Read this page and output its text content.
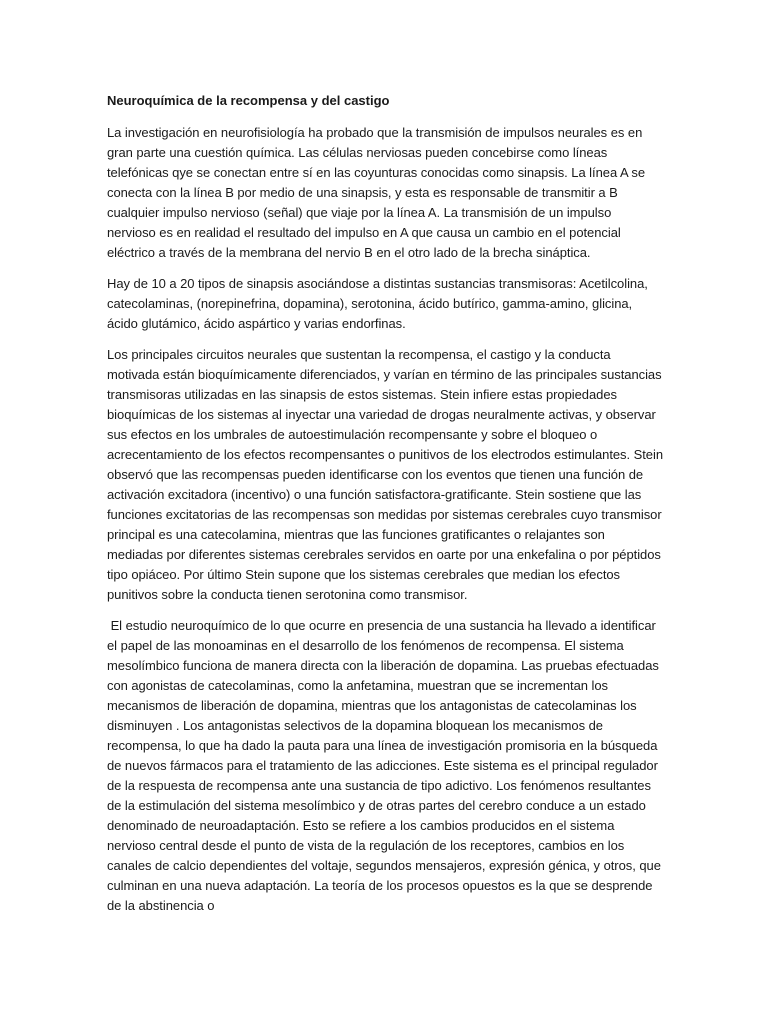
Neuroquímica de la recompensa y del castigo

La investigación en neurofisiología ha probado que la transmisión de impulsos neurales es en gran parte una cuestión química. Las células nerviosas pueden concebirse como líneas telefónicas qye se conectan entre sí en las coyunturas conocidas como sinapsis. La línea A se conecta con la línea B por medio de una sinapsis, y esta es responsable de transmitir a B cualquier impulso nervioso (señal) que viaje por la línea A. La transmisión de un impulso nervioso es en realidad el resultado del impulso en A que causa un cambio en el potencial eléctrico a través de la membrana del nervio B en el otro lado de la brecha sináptica.

Hay de 10 a 20 tipos de sinapsis asociándose a distintas sustancias transmisoras: Acetilcolina, catecolaminas, (norepinefrina, dopamina), serotonina, ácido butírico, gamma-amino, glicina, ácido glutámico, ácido aspártico y varias endorfinas.

Los principales circuitos neurales que sustentan la recompensa, el castigo y la conducta motivada están bioquímicamente diferenciados, y varían en término de las principales sustancias transmisoras utilizadas en las sinapsis de estos sistemas. Stein infiere estas propiedades bioquímicas de los sistemas al inyectar una variedad de drogas neuralmente activas, y observar sus efectos en los umbrales de autoestimulación recompensante y sobre el bloqueo o acrecentamiento de los efectos recompensantes o punitivos de los electrodos estimulantes. Stein observó que las recompensas pueden identificarse con los eventos que tienen una función de activación excitadora (incentivo) o una función satisfactora-gratificante. Stein sostiene que las funciones excitatorias de las recompensas son medidas por sistemas cerebrales cuyo transmisor principal es una catecolamina, mientras que las funciones gratificantes o relajantes son mediadas por diferentes sistemas cerebrales servidos en oarte por una enkefalina o por péptidos tipo opiáceo. Por último Stein supone que los sistemas cerebrales que median los efectos punitivos sobre la conducta tienen serotonina como transmisor.

El estudio neuroquímico de lo que ocurre en presencia de una sustancia ha llevado a identificar el papel de las monoaminas en el desarrollo de los fenómenos de recompensa. El sistema mesolímbico funciona de manera directa con la liberación de dopamina. Las pruebas efectuadas con agonistas de catecolaminas, como la anfetamina, muestran que se incrementan los mecanismos de liberación de dopamina, mientras que los antagonistas de catecolaminas los disminuyen . Los antagonistas selectivos de la dopamina bloquean los mecanismos de recompensa, lo que ha dado la pauta para una línea de investigación promisoria en la búsqueda de nuevos fármacos para el tratamiento de las adicciones. Este sistema es el principal regulador de la respuesta de recompensa ante una sustancia de tipo adictivo. Los fenómenos resultantes de la estimulación del sistema mesolímbico y de otras partes del cerebro conduce a un estado denominado de neuroadaptación. Esto se refiere a los cambios producidos en el sistema nervioso central desde el punto de vista de la regulación de los receptores, cambios en los canales de calcio dependientes del voltaje, segundos mensajeros, expresión génica, y otros, que culminan en una nueva adaptación. La teoría de los procesos opuestos es la que se desprende de la abstinencia o
